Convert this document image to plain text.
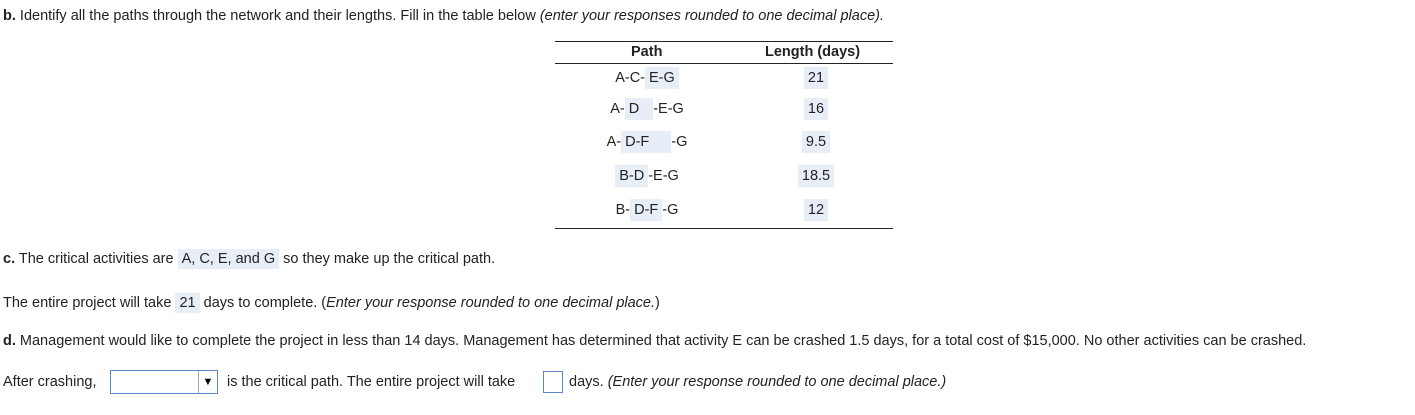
b. Identify all the paths through the network and their lengths. Fill in the table below (enter your responses rounded to one decimal place).
Path	Length (days)
A-C- E-G	21
A- D -E-G	16
A- D-F -G	9.5
B-D -E-G	18.5
B- D-F -G	12
c. The critical activities are A, C, E, and G so they make up the critical path.
The entire project will take 21 days to complete. (Enter your response rounded to one decimal place.)
d. Management would like to complete the project in less than 14 days. Management has determined that activity E can be crashed 1.5 days, for a total cost of $15,000. No other activities can be crashed.
After crashing,	▼ is the critical path. The entire project will take	days. (Enter your response rounded to one decimal place.)
